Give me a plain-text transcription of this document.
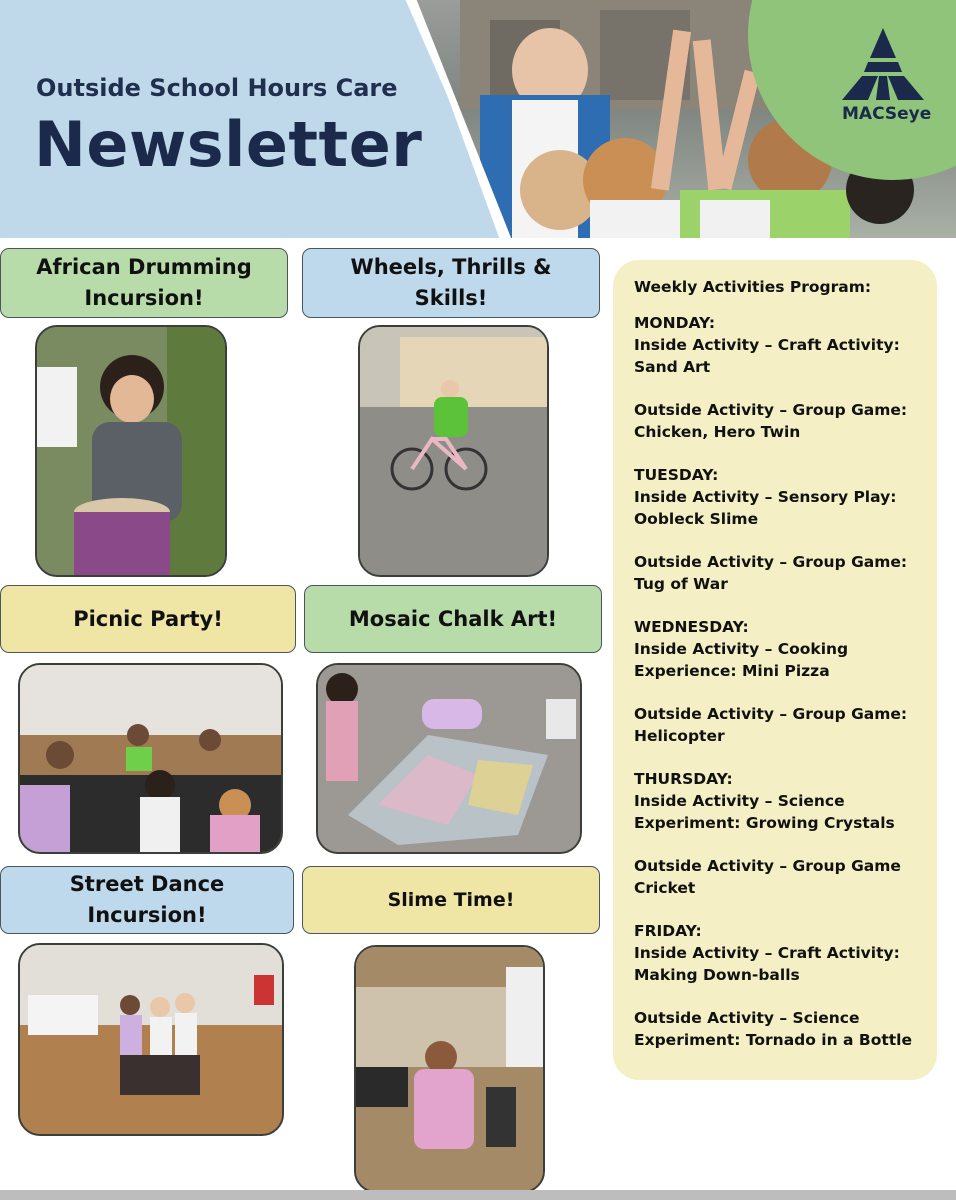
Outside School Hours Care
Newsletter	MACSeye
African Drumming Incursion!
Wheels, Thrills & Skills!
Picnic Party!	Mosaic Chalk Art!
Street Dance Incursion!
Slime Time!
Weekly Activities Program:
MONDAY:
Inside Activity – Craft Activity: Sand Art
Outside Activity – Group Game: Chicken, Hero Twin
TUESDAY:
Inside Activity – Sensory Play: Oobleck Slime
Outside Activity – Group Game: Tug of War
WEDNESDAY:
Inside Activity – Cooking Experience: Mini Pizza
Outside Activity – Group Game: Helicopter
THURSDAY:
Inside Activity – Science Experiment: Growing Crystals
Outside Activity – Group Game Cricket
FRIDAY:
Inside Activity – Craft Activity: Making Down-balls
Outside Activity – Science Experiment: Tornado in a Bottle
